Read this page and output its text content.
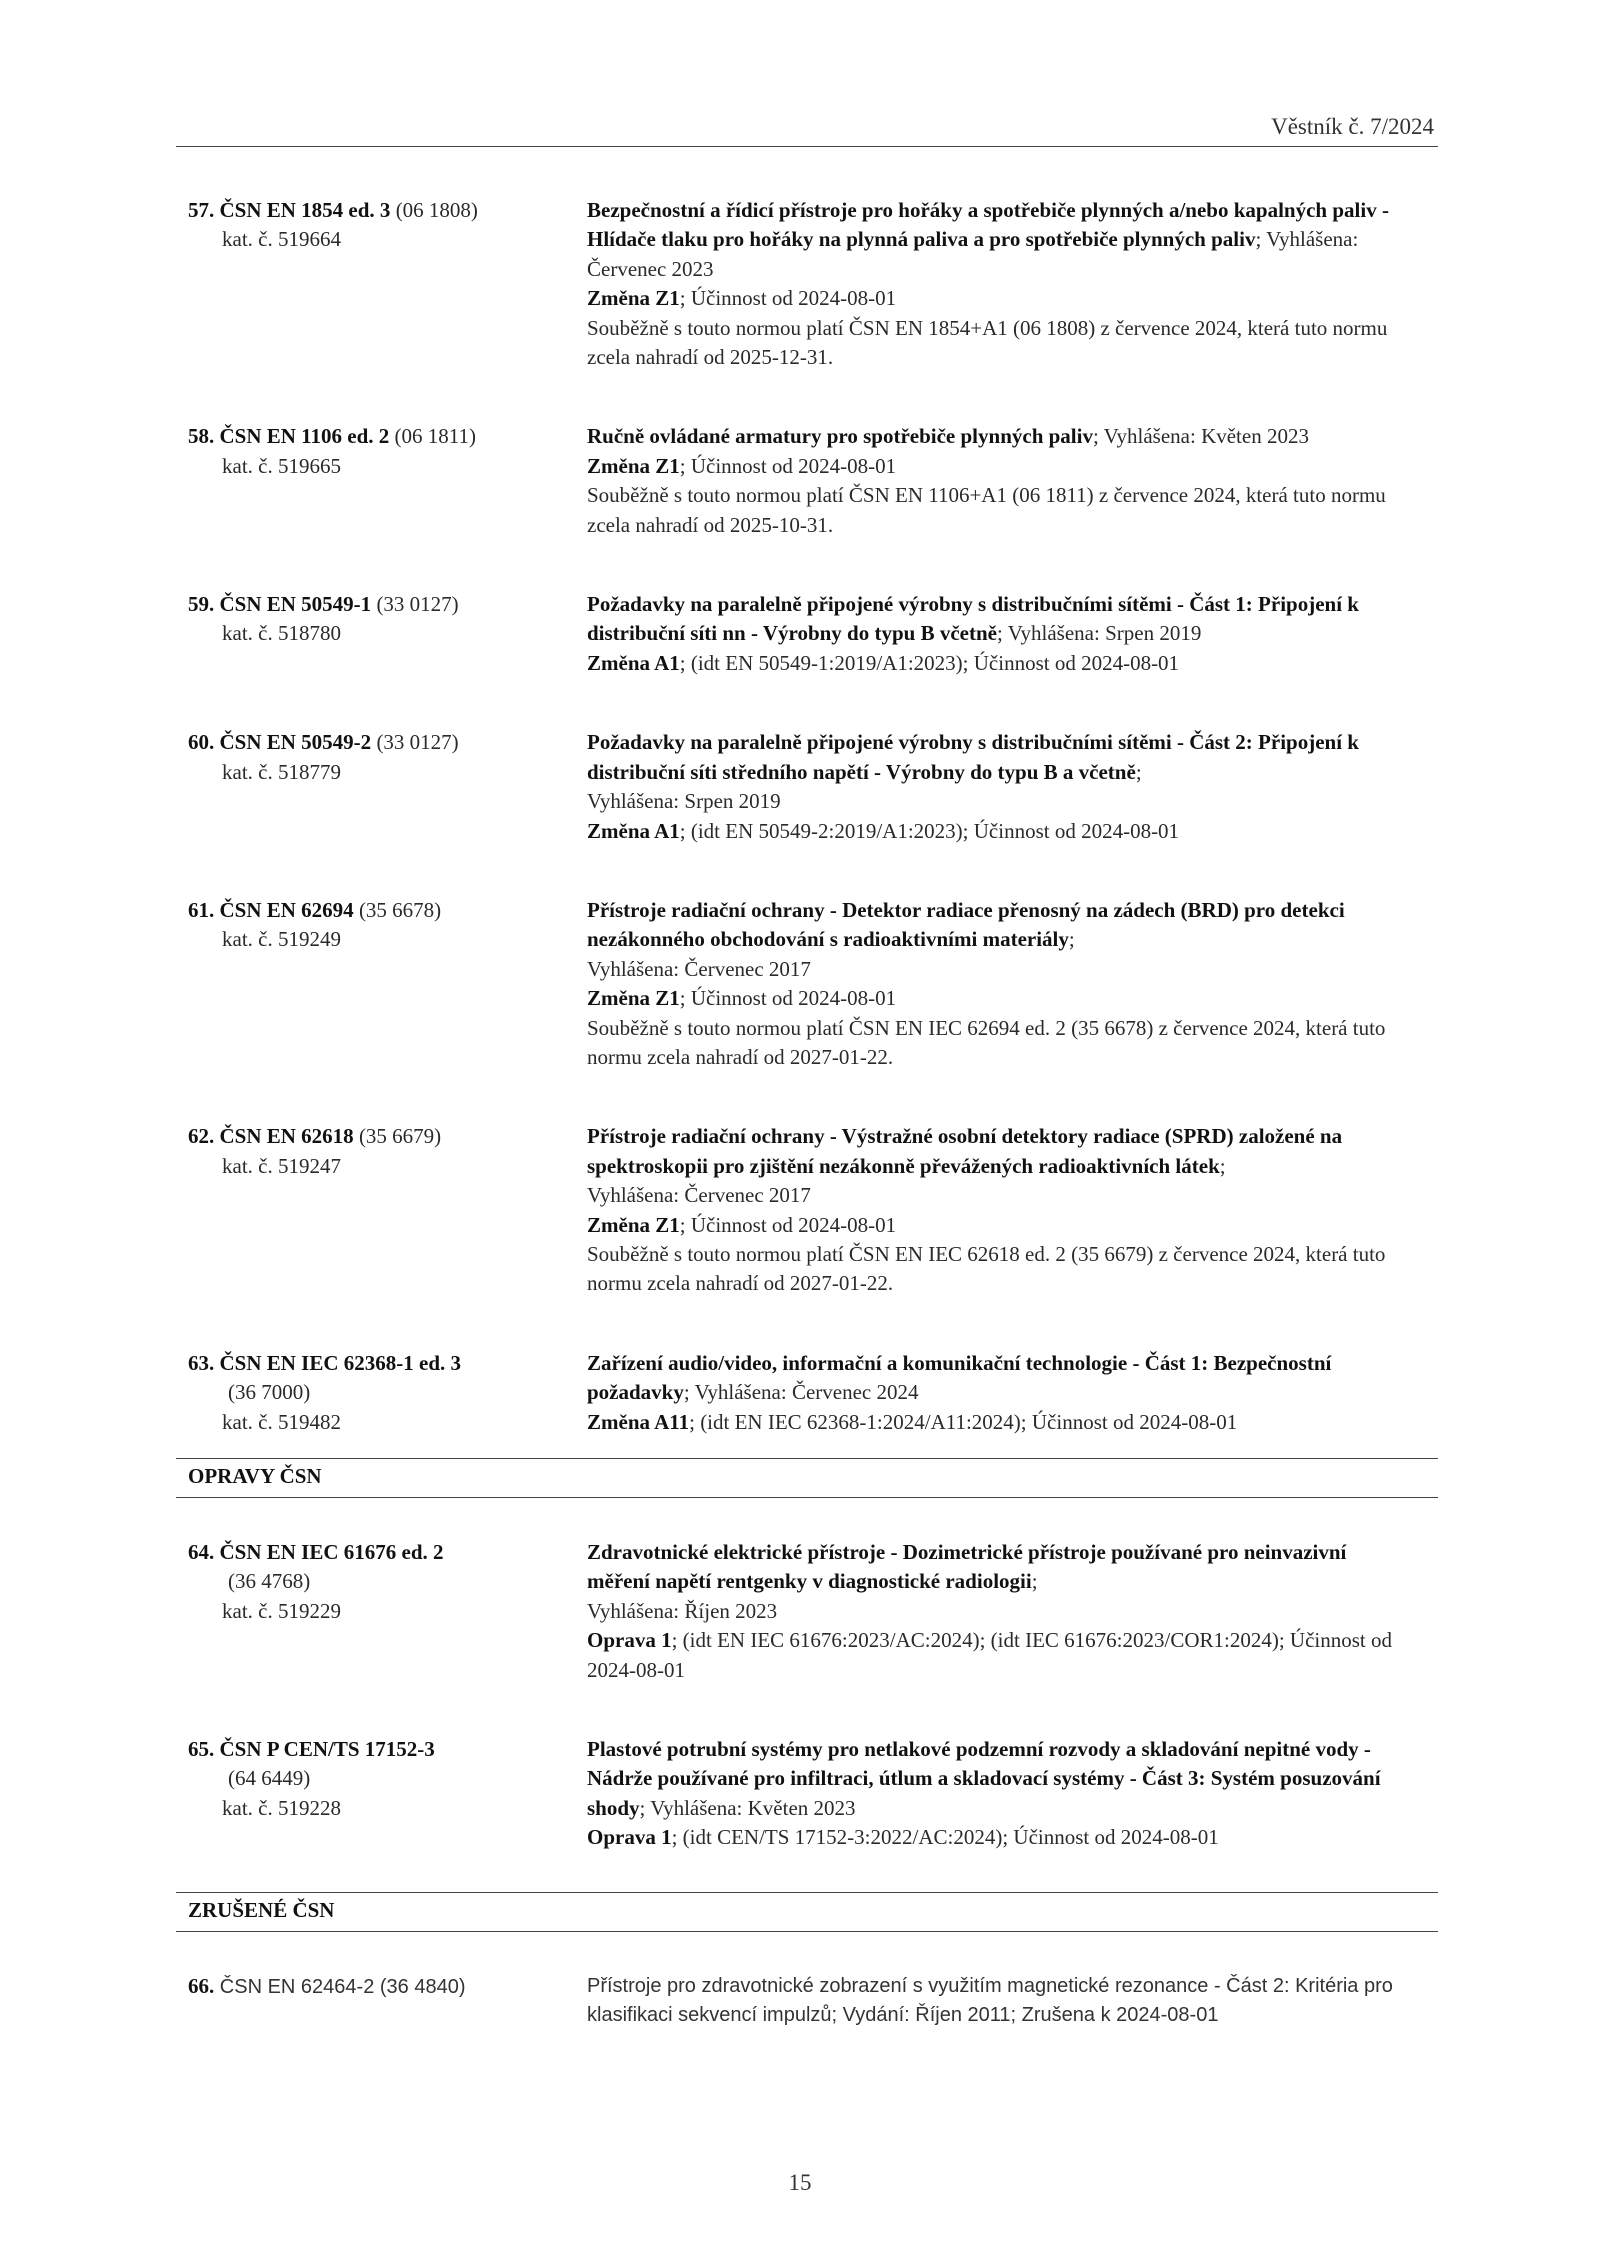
Věstník č. 7/2024
57. ČSN EN 1854 ed. 3 (06 1808)
kat. č. 519664
Bezpečnostní a řídicí přístroje pro hořáky a spotřebiče plynných a/nebo kapalných paliv - Hlídače tlaku pro hořáky na plynná paliva a pro spotřebiče plynných paliv; Vyhlášena: Červenec 2023
Změna Z1; Účinnost od 2024-08-01
Souběžně s touto normou platí ČSN EN 1854+A1 (06 1808) z července 2024, která tuto normu zcela nahradí od 2025-12-31.
58. ČSN EN 1106 ed. 2 (06 1811)
kat. č. 519665
Ručně ovládané armatury pro spotřebiče plynných paliv; Vyhlášena: Květen 2023
Změna Z1; Účinnost od 2024-08-01
Souběžně s touto normou platí ČSN EN 1106+A1 (06 1811) z července 2024, která tuto normu zcela nahradí od 2025-10-31.
59. ČSN EN 50549-1 (33 0127)
kat. č. 518780
Požadavky na paralelně připojené výrobny s distribučními sítěmi - Část 1: Připojení k distribuční síti nn - Výrobny do typu B včetně; Vyhlášena: Srpen 2019
Změna A1; (idt EN 50549-1:2019/A1:2023); Účinnost od 2024-08-01
60. ČSN EN 50549-2 (33 0127)
kat. č. 518779
Požadavky na paralelně připojené výrobny s distribučními sítěmi - Část 2: Připojení k distribuční síti středního napětí - Výrobny do typu B a včetně;
Vyhlášena: Srpen 2019
Změna A1; (idt EN 50549-2:2019/A1:2023); Účinnost od 2024-08-01
61. ČSN EN 62694 (35 6678)
kat. č. 519249
Přístroje radiační ochrany - Detektor radiace přenosný na zádech (BRD) pro detekci nezákonného obchodování s radioaktivními materiály;
Vyhlášena: Červenec 2017
Změna Z1; Účinnost od 2024-08-01
Souběžně s touto normou platí ČSN EN IEC 62694 ed. 2 (35 6678) z července 2024, která tuto normu zcela nahradí od 2027-01-22.
62. ČSN EN 62618 (35 6679)
kat. č. 519247
Přístroje radiační ochrany - Výstražné osobní detektory radiace (SPRD) založené na spektroskopii pro zjištění nezákonně převážených radioaktivních látek;
Vyhlášena: Červenec 2017
Změna Z1; Účinnost od 2024-08-01
Souběžně s touto normou platí ČSN EN IEC 62618 ed. 2 (35 6679) z července 2024, která tuto normu zcela nahradí od 2027-01-22.
63. ČSN EN IEC 62368-1 ed. 3
(36 7000)
kat. č. 519482
Zařízení audio/video, informační a komunikační technologie - Část 1: Bezpečnostní požadavky; Vyhlášena: Červenec 2024
Změna A11; (idt EN IEC 62368-1:2024/A11:2024); Účinnost od 2024-08-01
OPRAVY ČSN
64. ČSN EN IEC 61676 ed. 2
(36 4768)
kat. č. 519229
Zdravotnické elektrické přístroje - Dozimetrické přístroje používané pro neinvazivní měření napětí rentgenky v diagnostické radiologii;
Vyhlášena: Říjen 2023
Oprava 1; (idt EN IEC 61676:2023/AC:2024); (idt IEC 61676:2023/COR1:2024); Účinnost od 2024-08-01
65. ČSN P CEN/TS 17152-3
(64 6449)
kat. č. 519228
Plastové potrubní systémy pro netlakové podzemní rozvody a skladování nepitné vody - Nádrže používané pro infiltraci, útlum a skladovací systémy - Část 3: Systém posuzování shody; Vyhlášena: Květen 2023
Oprava 1; (idt CEN/TS 17152-3:2022/AC:2024); Účinnost od 2024-08-01
ZRUŠENÉ ČSN
66. ČSN EN 62464-2 (36 4840)	Přístroje pro zdravotnické zobrazení s využitím magnetické rezonance - Část 2: Kritéria pro klasifikaci sekvencí impulzů; Vydání: Říjen 2011; Zrušena k 2024-08-01
15
